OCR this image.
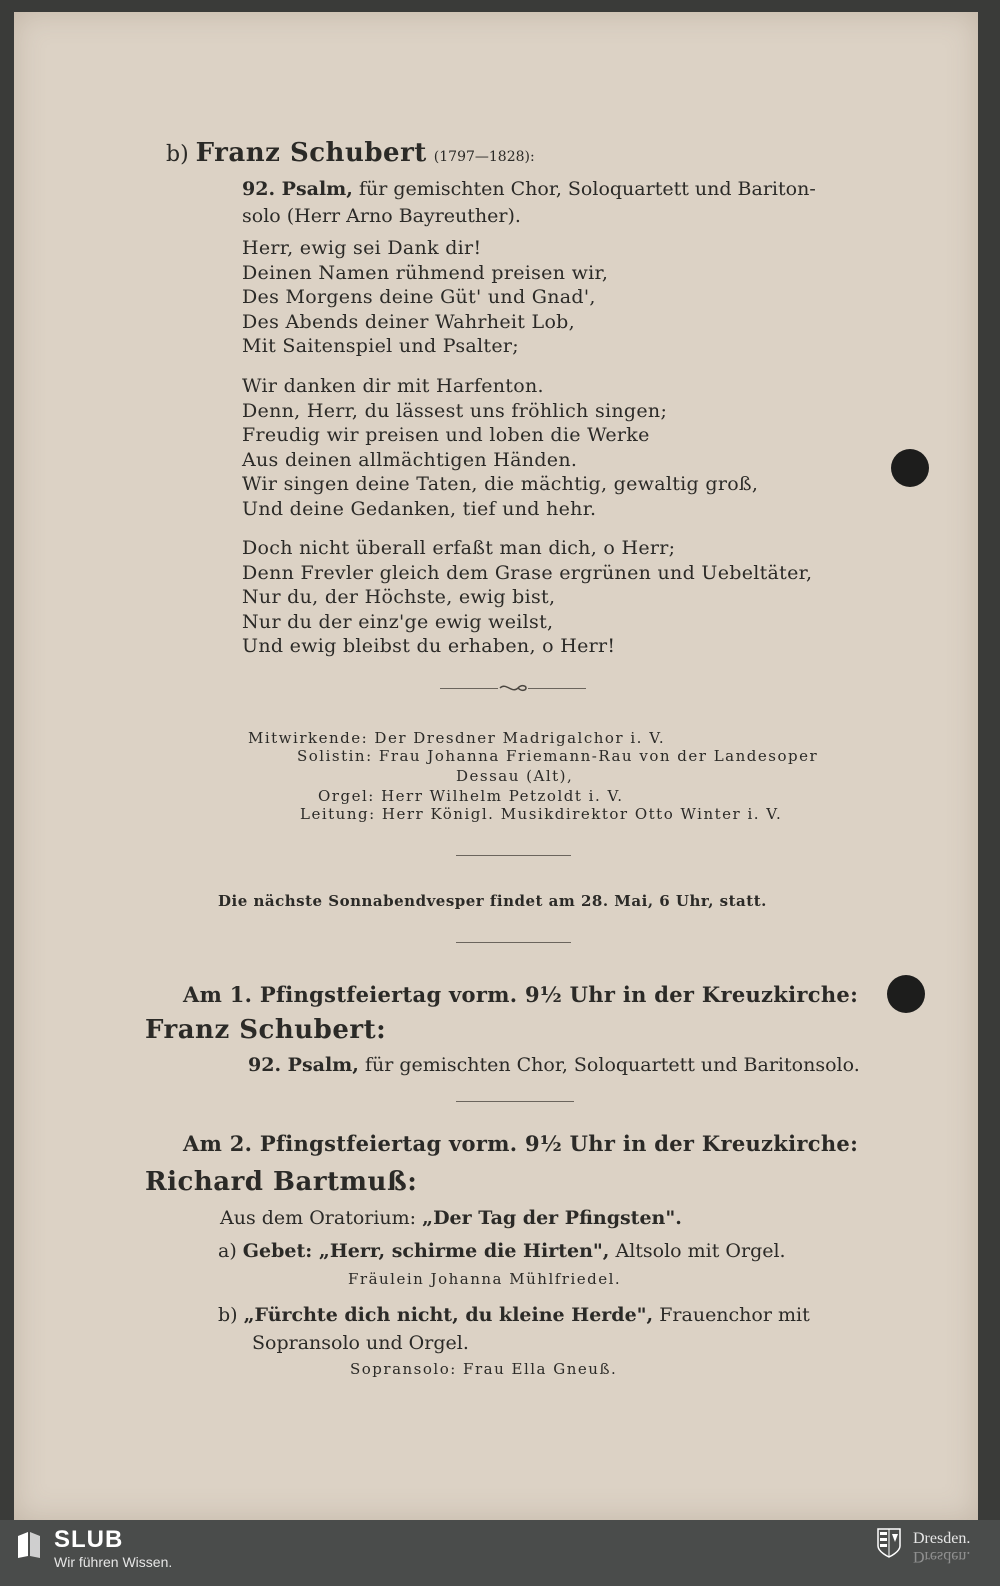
b) Franz Schubert (1797—1828):
92. Psalm, für gemischten Chor, Soloquartett und Bariton-
solo (Herr Arno Bayreuther).
Herr, ewig sei Dank dir!
Deinen Namen rühmend preisen wir,
Des Morgens deine Güt' und Gnad',
Des Abends deiner Wahrheit Lob,
Mit Saitenspiel und Psalter;
Wir danken dir mit Harfenton.
Denn, Herr, du lässest uns fröhlich singen;
Freudig wir preisen und loben die Werke
Aus deinen allmächtigen Händen.
Wir singen deine Taten, die mächtig, gewaltig groß,
Und deine Gedanken, tief und hehr.
Doch nicht überall erfaßt man dich, o Herr;
Denn Frevler gleich dem Grase ergrünen und Uebeltäter,
Nur du, der Höchste, ewig bist,
Nur du der einz'ge ewig weilst,
Und ewig bleibst du erhaben, o Herr!
Mitwirkende: Der Dresdner Madrigalchor i. V.
Solistin: Frau Johanna Friemann-Rau von der Landesoper
Dessau (Alt),
Orgel: Herr Wilhelm Petzoldt i. V.
Leitung: Herr Königl. Musikdirektor Otto Winter i. V.
Die nächste Sonnabendvesper findet am 28. Mai, 6 Uhr, statt.
Am 1. Pfingstfeiertag vorm. 9½ Uhr in der Kreuzkirche:
Franz Schubert:
92. Psalm, für gemischten Chor, Soloquartett und Baritonsolo.
Am 2. Pfingstfeiertag vorm. 9½ Uhr in der Kreuzkirche:
Richard Bartmuß:
Aus dem Oratorium: „Der Tag der Pfingsten".
a) Gebet: „Herr, schirme die Hirten", Altsolo mit Orgel.
Fräulein Johanna Mühlfriedel.
b) „Fürchte dich nicht, du kleine Herde", Frauenchor mit
Sopransolo und Orgel.
Sopransolo: Frau Ella Gneuß.
SLUB
Wir führen Wissen.
Dresden.
Dresden.
